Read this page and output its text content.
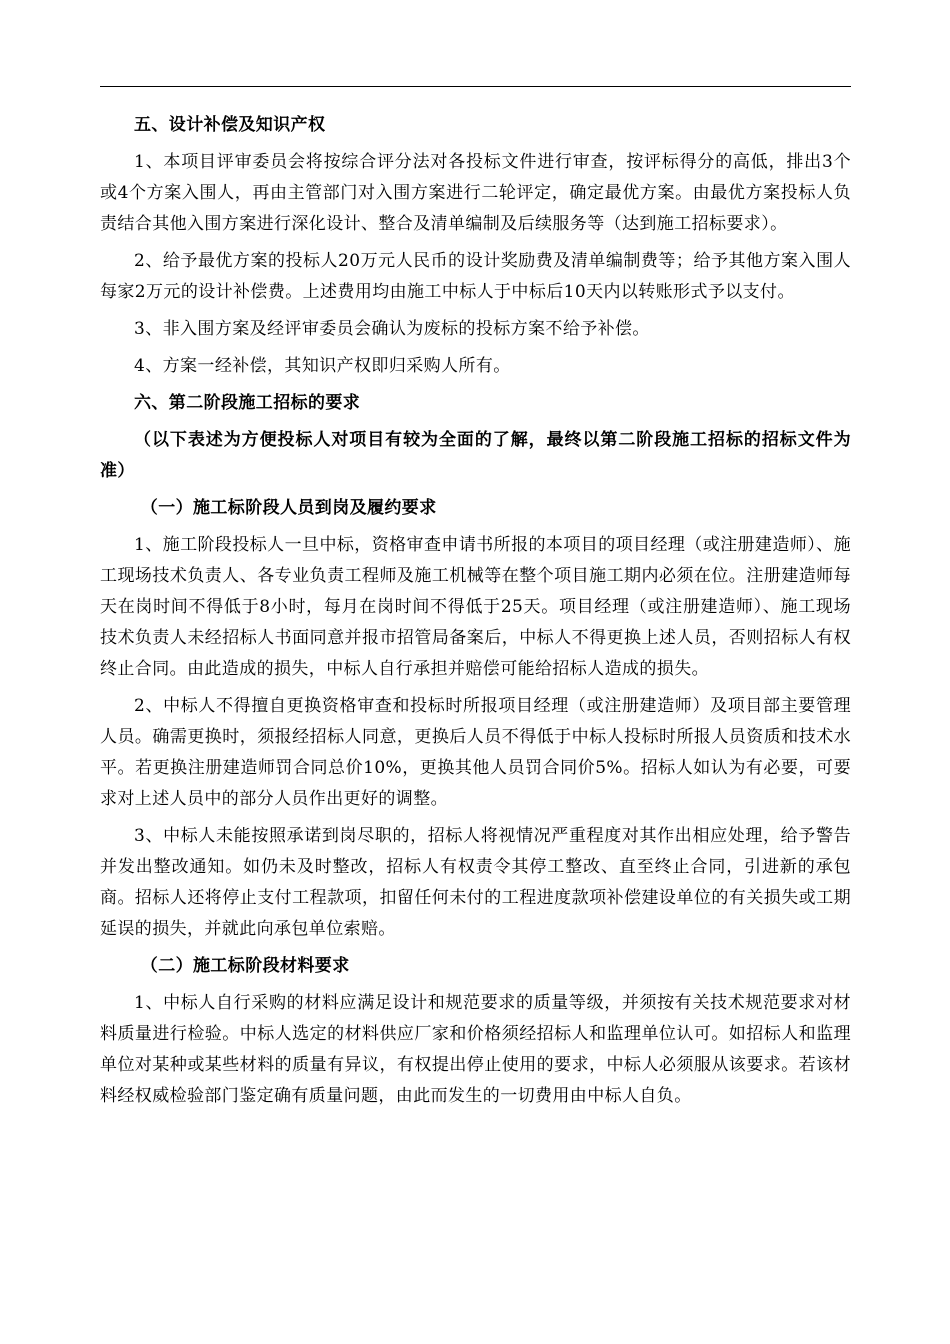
五、设计补偿及知识产权

1、本项目评审委员会将按综合评分法对各投标文件进行审查，按评标得分的高低，排出3个或4个方案入围人，再由主管部门对入围方案进行二轮评定，确定最优方案。由最优方案投标人负责结合其他入围方案进行深化设计、整合及清单编制及后续服务等（达到施工招标要求）。

2、给予最优方案的投标人20万元人民币的设计奖励费及清单编制费等；给予其他方案入围人每家2万元的设计补偿费。上述费用均由施工中标人于中标后10天内以转账形式予以支付。

3、非入围方案及经评审委员会确认为废标的投标方案不给予补偿。

4、方案一经补偿，其知识产权即归采购人所有。

六、第二阶段施工招标的要求

（以下表述为方便投标人对项目有较为全面的了解，最终以第二阶段施工招标的招标文件为准）

（一）施工标阶段人员到岗及履约要求

1、施工阶段投标人一旦中标，资格审查申请书所报的本项目的项目经理（或注册建造师）、施工现场技术负责人、各专业负责工程师及施工机械等在整个项目施工期内必须在位。注册建造师每天在岗时间不得低于8小时，每月在岗时间不得低于25天。项目经理（或注册建造师）、施工现场技术负责人未经招标人书面同意并报市招管局备案后，中标人不得更换上述人员，否则招标人有权终止合同。由此造成的损失，中标人自行承担并赔偿可能给招标人造成的损失。

2、中标人不得擅自更换资格审查和投标时所报项目经理（或注册建造师）及项目部主要管理人员。确需更换时，须报经招标人同意，更换后人员不得低于中标人投标时所报人员资质和技术水平。若更换注册建造师罚合同总价10%，更换其他人员罚合同价5%。招标人如认为有必要，可要求对上述人员中的部分人员作出更好的调整。

3、中标人未能按照承诺到岗尽职的，招标人将视情况严重程度对其作出相应处理，给予警告并发出整改通知。如仍未及时整改，招标人有权责令其停工整改、直至终止合同，引进新的承包商。招标人还将停止支付工程款项，扣留任何未付的工程进度款项补偿建设单位的有关损失或工期延误的损失，并就此向承包单位索赔。

（二）施工标阶段材料要求

1、中标人自行采购的材料应满足设计和规范要求的质量等级，并须按有关技术规范要求对材料质量进行检验。中标人选定的材料供应厂家和价格须经招标人和监理单位认可。如招标人和监理单位对某种或某些材料的质量有异议，有权提出停止使用的要求，中标人必须服从该要求。若该材料经权威检验部门鉴定确有质量问题，由此而发生的一切费用由中标人自负。
